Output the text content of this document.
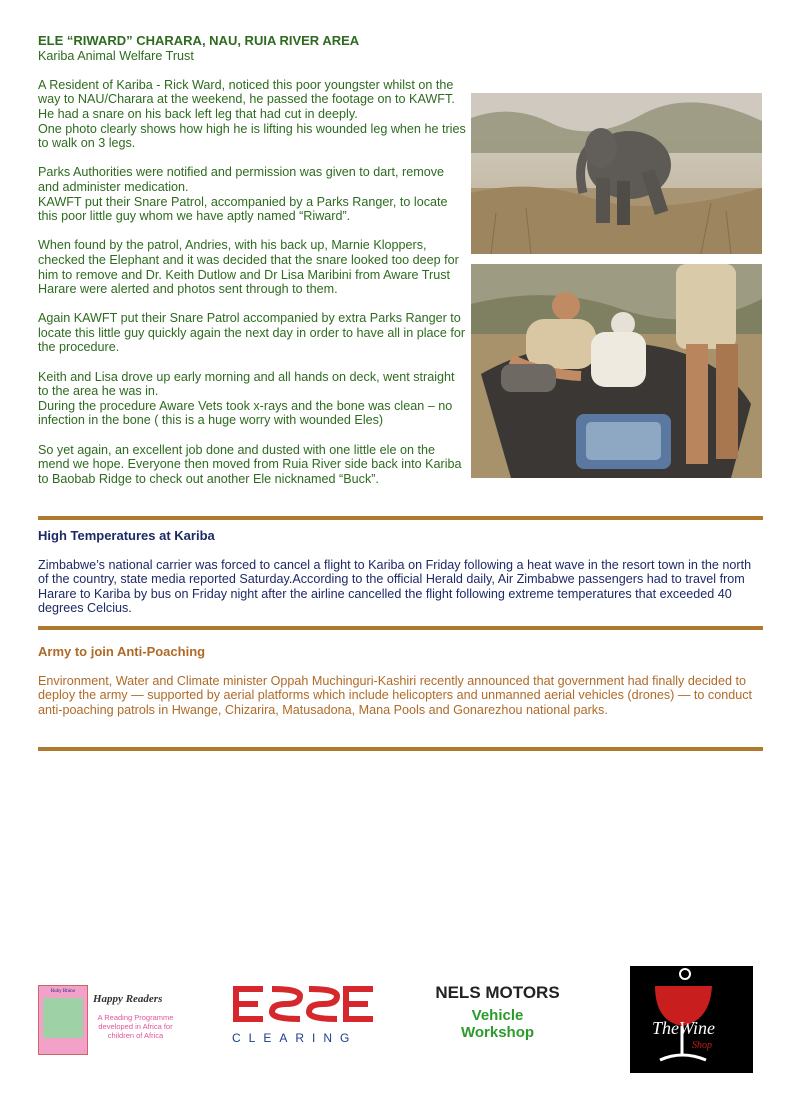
ELE “RIWARD” CHARARA, NAU, RUIA RIVER AREA
Kariba Animal Welfare Trust

A Resident of Kariba - Rick Ward, noticed this poor youngster whilst on the way to NAU/Charara at the weekend, he passed the footage on to KAWFT.
He had a snare on his back left leg that had cut in deeply.
One photo clearly shows how high he is lifting his wounded leg when he tries to walk on 3 legs.

Parks Authorities were notified and permission was given to dart, remove and administer medication.
KAWFT put their Snare Patrol, accompanied by a Parks Ranger, to locate this poor little guy whom we have aptly named “Riward”.

When found by the patrol, Andries, with his back up, Marnie Kloppers, checked the Elephant and it was decided that the snare looked too deep for him to remove and Dr. Keith Dutlow and Dr Lisa Maribini from Aware Trust Harare were alerted and photos sent through to them.

Again KAWFT put their Snare Patrol accompanied by extra Parks Ranger to locate this little guy quickly again the next day in order to have all in place for the procedure.

Keith and Lisa drove up early morning and all hands on deck, went straight to the area he was in.
During the procedure Aware Vets took x-rays and the bone was clean – no infection in the bone ( this is a huge worry with wounded Eles)

So yet again, an excellent job done and dusted with one little ele on the mend we hope. Everyone then moved from Ruia River side back into Kariba to Baobab Ridge to check out another Ele nicknamed “Buck”.

High Temperatures at Kariba

Zimbabwe’s national carrier was forced to cancel a flight to Kariba on Friday following a heat wave in the resort town in the north of the country, state media reported Saturday.According to the official Herald daily, Air Zimbabwe passengers had to travel from Harare to Kariba by bus on Friday night after the airline cancelled the flight following extreme temperatures that exceeded 40 degrees Celcius.

Army to join Anti-Poaching

Environment, Water and Climate minister Oppah Muchinguri-Kashiri recently announced that government had finally decided to deploy the army — supported by aerial platforms which include helicopters and unmanned aerial vehicles (drones) — to conduct anti-poaching patrols in Hwange, Chizarira, Matusadona, Mana Pools and Gonarezhou national parks.

Ruby Rhino
Happy Readers
A Reading Programme developed in Africa for children of Africa	CLEARING
NELS MOTORS
Vehicle
Workshop	TheWine
Shop
